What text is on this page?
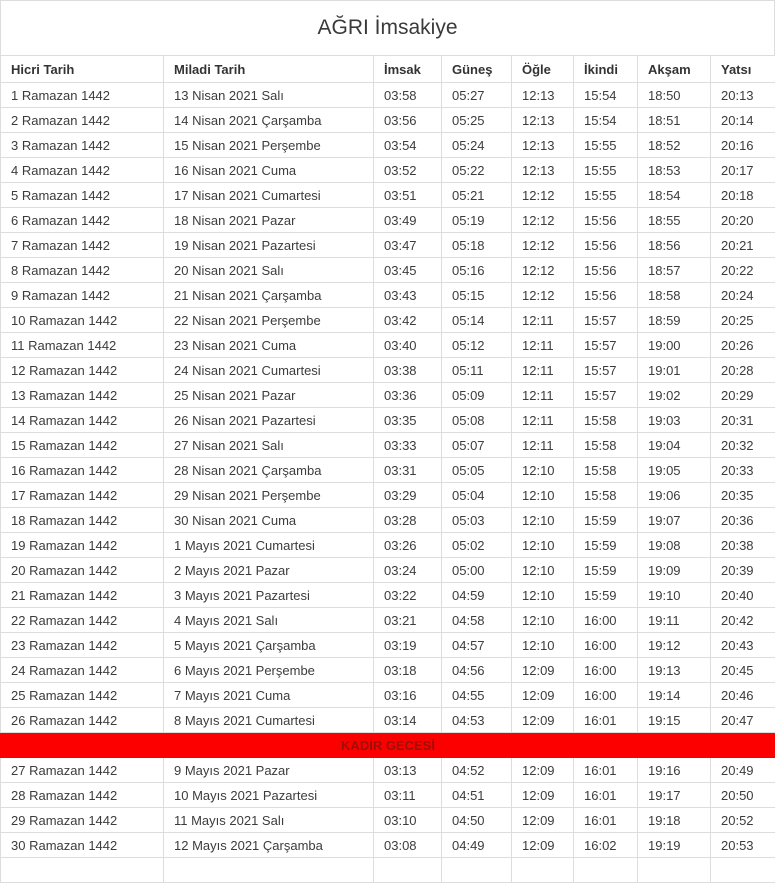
AĞRI İmsakiye
Hicri Tarih	Miladi Tarih	İmsak	Güneş	Öğle	İkindi	Akşam	Yatsı
1 Ramazan 1442	13 Nisan 2021 Salı	03:58	05:27	12:13	15:54	18:50	20:13
2 Ramazan 1442	14 Nisan 2021 Çarşamba	03:56	05:25	12:13	15:54	18:51	20:14
3 Ramazan 1442	15 Nisan 2021 Perşembe	03:54	05:24	12:13	15:55	18:52	20:16
4 Ramazan 1442	16 Nisan 2021 Cuma	03:52	05:22	12:13	15:55	18:53	20:17
5 Ramazan 1442	17 Nisan 2021 Cumartesi	03:51	05:21	12:12	15:55	18:54	20:18
6 Ramazan 1442	18 Nisan 2021 Pazar	03:49	05:19	12:12	15:56	18:55	20:20
7 Ramazan 1442	19 Nisan 2021 Pazartesi	03:47	05:18	12:12	15:56	18:56	20:21
8 Ramazan 1442	20 Nisan 2021 Salı	03:45	05:16	12:12	15:56	18:57	20:22
9 Ramazan 1442	21 Nisan 2021 Çarşamba	03:43	05:15	12:12	15:56	18:58	20:24
10 Ramazan 1442	22 Nisan 2021 Perşembe	03:42	05:14	12:11	15:57	18:59	20:25
11 Ramazan 1442	23 Nisan 2021 Cuma	03:40	05:12	12:11	15:57	19:00	20:26
12 Ramazan 1442	24 Nisan 2021 Cumartesi	03:38	05:11	12:11	15:57	19:01	20:28
13 Ramazan 1442	25 Nisan 2021 Pazar	03:36	05:09	12:11	15:57	19:02	20:29
14 Ramazan 1442	26 Nisan 2021 Pazartesi	03:35	05:08	12:11	15:58	19:03	20:31
15 Ramazan 1442	27 Nisan 2021 Salı	03:33	05:07	12:11	15:58	19:04	20:32
16 Ramazan 1442	28 Nisan 2021 Çarşamba	03:31	05:05	12:10	15:58	19:05	20:33
17 Ramazan 1442	29 Nisan 2021 Perşembe	03:29	05:04	12:10	15:58	19:06	20:35
18 Ramazan 1442	30 Nisan 2021 Cuma	03:28	05:03	12:10	15:59	19:07	20:36
19 Ramazan 1442	1 Mayıs 2021 Cumartesi	03:26	05:02	12:10	15:59	19:08	20:38
20 Ramazan 1442	2 Mayıs 2021 Pazar	03:24	05:00	12:10	15:59	19:09	20:39
21 Ramazan 1442	3 Mayıs 2021 Pazartesi	03:22	04:59	12:10	15:59	19:10	20:40
22 Ramazan 1442	4 Mayıs 2021 Salı	03:21	04:58	12:10	16:00	19:11	20:42
23 Ramazan 1442	5 Mayıs 2021 Çarşamba	03:19	04:57	12:10	16:00	19:12	20:43
24 Ramazan 1442	6 Mayıs 2021 Perşembe	03:18	04:56	12:09	16:00	19:13	20:45
25 Ramazan 1442	7 Mayıs 2021 Cuma	03:16	04:55	12:09	16:00	19:14	20:46
26 Ramazan 1442	8 Mayıs 2021 Cumartesi	03:14	04:53	12:09	16:01	19:15	20:47
KADİR GECESİ							
27 Ramazan 1442	9 Mayıs 2021 Pazar	03:13	04:52	12:09	16:01	19:16	20:49
28 Ramazan 1442	10 Mayıs 2021 Pazartesi	03:11	04:51	12:09	16:01	19:17	20:50
29 Ramazan 1442	11 Mayıs 2021 Salı	03:10	04:50	12:09	16:01	19:18	20:52
30 Ramazan 1442	12 Mayıs 2021 Çarşamba	03:08	04:49	12:09	16:02	19:19	20:53
